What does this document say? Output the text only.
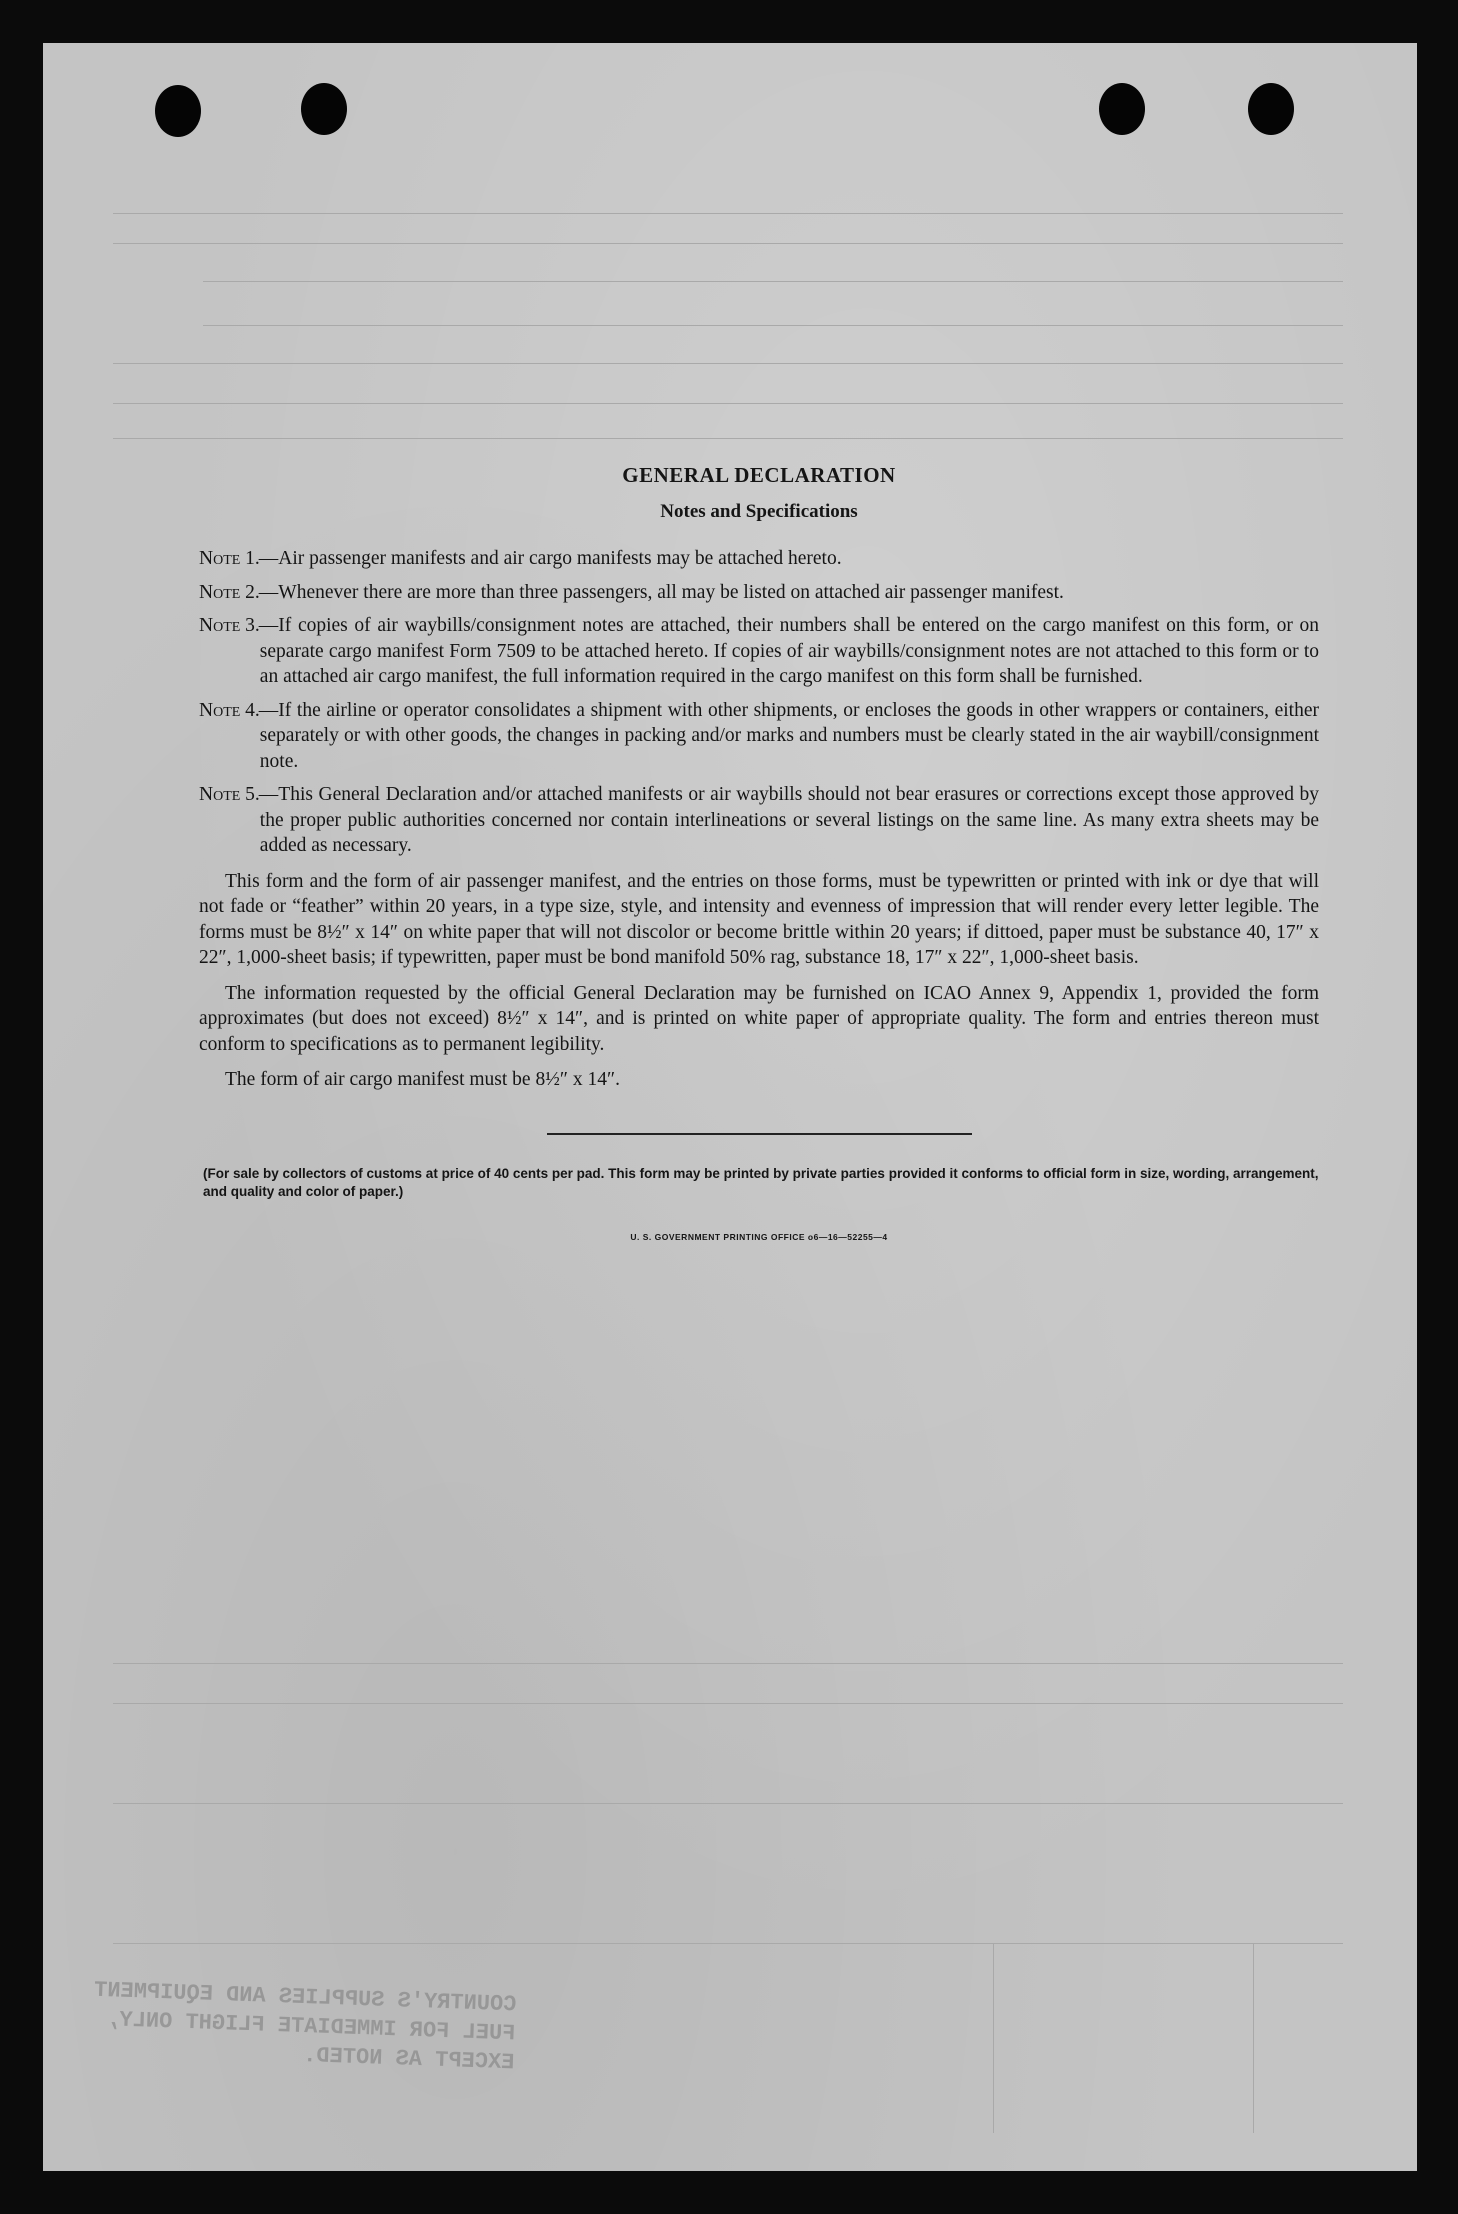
COUNTRY'S SUPPLIES AND EQUIPMENT
FUEL FOR IMMEDIATE FLIGHT ONLY,
EXCEPT AS NOTED.
GENERAL DECLARATION
Notes and Specifications
Note 1. —Air passenger manifests and air cargo manifests may be attached hereto.
Note 2. —Whenever there are more than three passengers, all may be listed on attached air passenger manifest.
Note 3. —If copies of air waybills/consignment notes are attached, their numbers shall be entered on the cargo manifest on this form, or on separate cargo manifest Form 7509 to be attached hereto. If copies of air waybills/consignment notes are not attached to this form or to an attached air cargo manifest, the full information required in the cargo manifest on this form shall be furnished.
Note 4. —If the airline or operator consolidates a shipment with other shipments, or encloses the goods in other wrappers or containers, either separately or with other goods, the changes in packing and/or marks and numbers must be clearly stated in the air waybill/consignment note.
Note 5. —This General Declaration and/or attached manifests or air waybills should not bear erasures or corrections except those approved by the proper public authorities concerned nor contain interlineations or several listings on the same line. As many extra sheets may be added as necessary.

This form and the form of air passenger manifest, and the entries on those forms, must be typewritten or printed with ink or dye that will not fade or “feather” within 20 years, in a type size, style, and intensity and evenness of impression that will render every letter legible. The forms must be 8½″ x 14″ on white paper that will not discolor or become brittle within 20 years; if dittoed, paper must be substance 40, 17″ x 22″, 1,000-sheet basis; if typewritten, paper must be bond manifold 50% rag, substance 18, 17″ x 22″, 1,000-sheet basis.

The information requested by the official General Declaration may be furnished on ICAO Annex 9, Appendix 1, provided the form approximates (but does not exceed) 8½″ x 14″, and is printed on white paper of appropriate quality. The form and entries thereon must conform to specifications as to permanent legibility.

The form of air cargo manifest must be 8½″ x 14″.

(For sale by collectors of customs at price of 40 cents per pad. This form may be printed by private parties provided it conforms to official form in size, wording, arrangement, and quality and color of paper.)
U. S. GOVERNMENT PRINTING OFFICE o6—16—52255—4
